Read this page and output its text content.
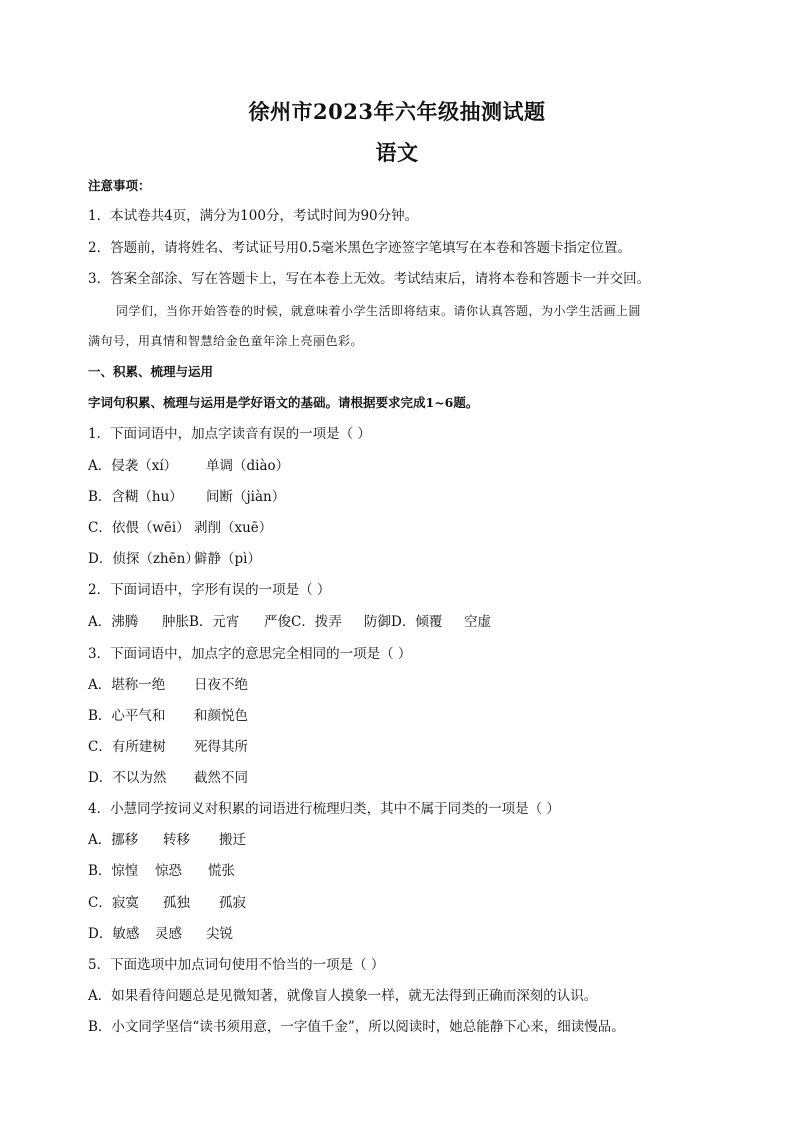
徐州市2023年六年级抽测试题
语文
注意事项：
1．本试卷共4页，满分为100分，考试时间为90分钟。
2．答题前，请将姓名、考试证号用0.5毫米黑色字迹签字笔填写在本卷和答题卡指定位置。
3．答案全部涂、写在答题卡上，写在本卷上无效。考试结束后，请将本卷和答题卡一并交回。
同学们，当你开始答卷的时候，就意味着小学生活即将结束。请你认真答题，为小学生活画上圆
满句号，用真情和智慧给金色童年涂上亮丽色彩。
一、积累、梳理与运用
字词句积累、梳理与运用是学好语文的基础。请根据要求完成1~6题。
1．下面词语中，加点字读音有误的一项是（ ）
A．侵袭（xí） 单调（diào）
B．含糊（hu） 间断（jiàn）
C．依偎（wēi） 剥削（xuē）
D．侦探（zhēn）僻静（pì）
2．下面词语中，字形有误的一项是（ ）
A．沸腾 肿胀B．元宵 严俊C．拨弄 防御D．倾覆 空虚
3．下面词语中，加点字的意思完全相同的一项是（ ）
A．堪称一绝 日夜不绝
B．心平气和 和颜悦色
C．有所建树 死得其所
D．不以为然 截然不同
4．小慧同学按词义对积累的词语进行梳理归类，其中不属于同类的一项是（ ）
A．挪移 转移 搬迁
B．惊惶 惊恐 慌张
C．寂寞 孤独 孤寂
D．敏感 灵感 尖锐
5．下面选项中加点词句使用不恰当的一项是（ ）
A．如果看待问题总是见微知著，就像盲人摸象一样，就无法得到正确而深刻的认识。
B．小文同学坚信“读书须用意，一字值千金”，所以阅读时，她总能静下心来，细读慢品。
